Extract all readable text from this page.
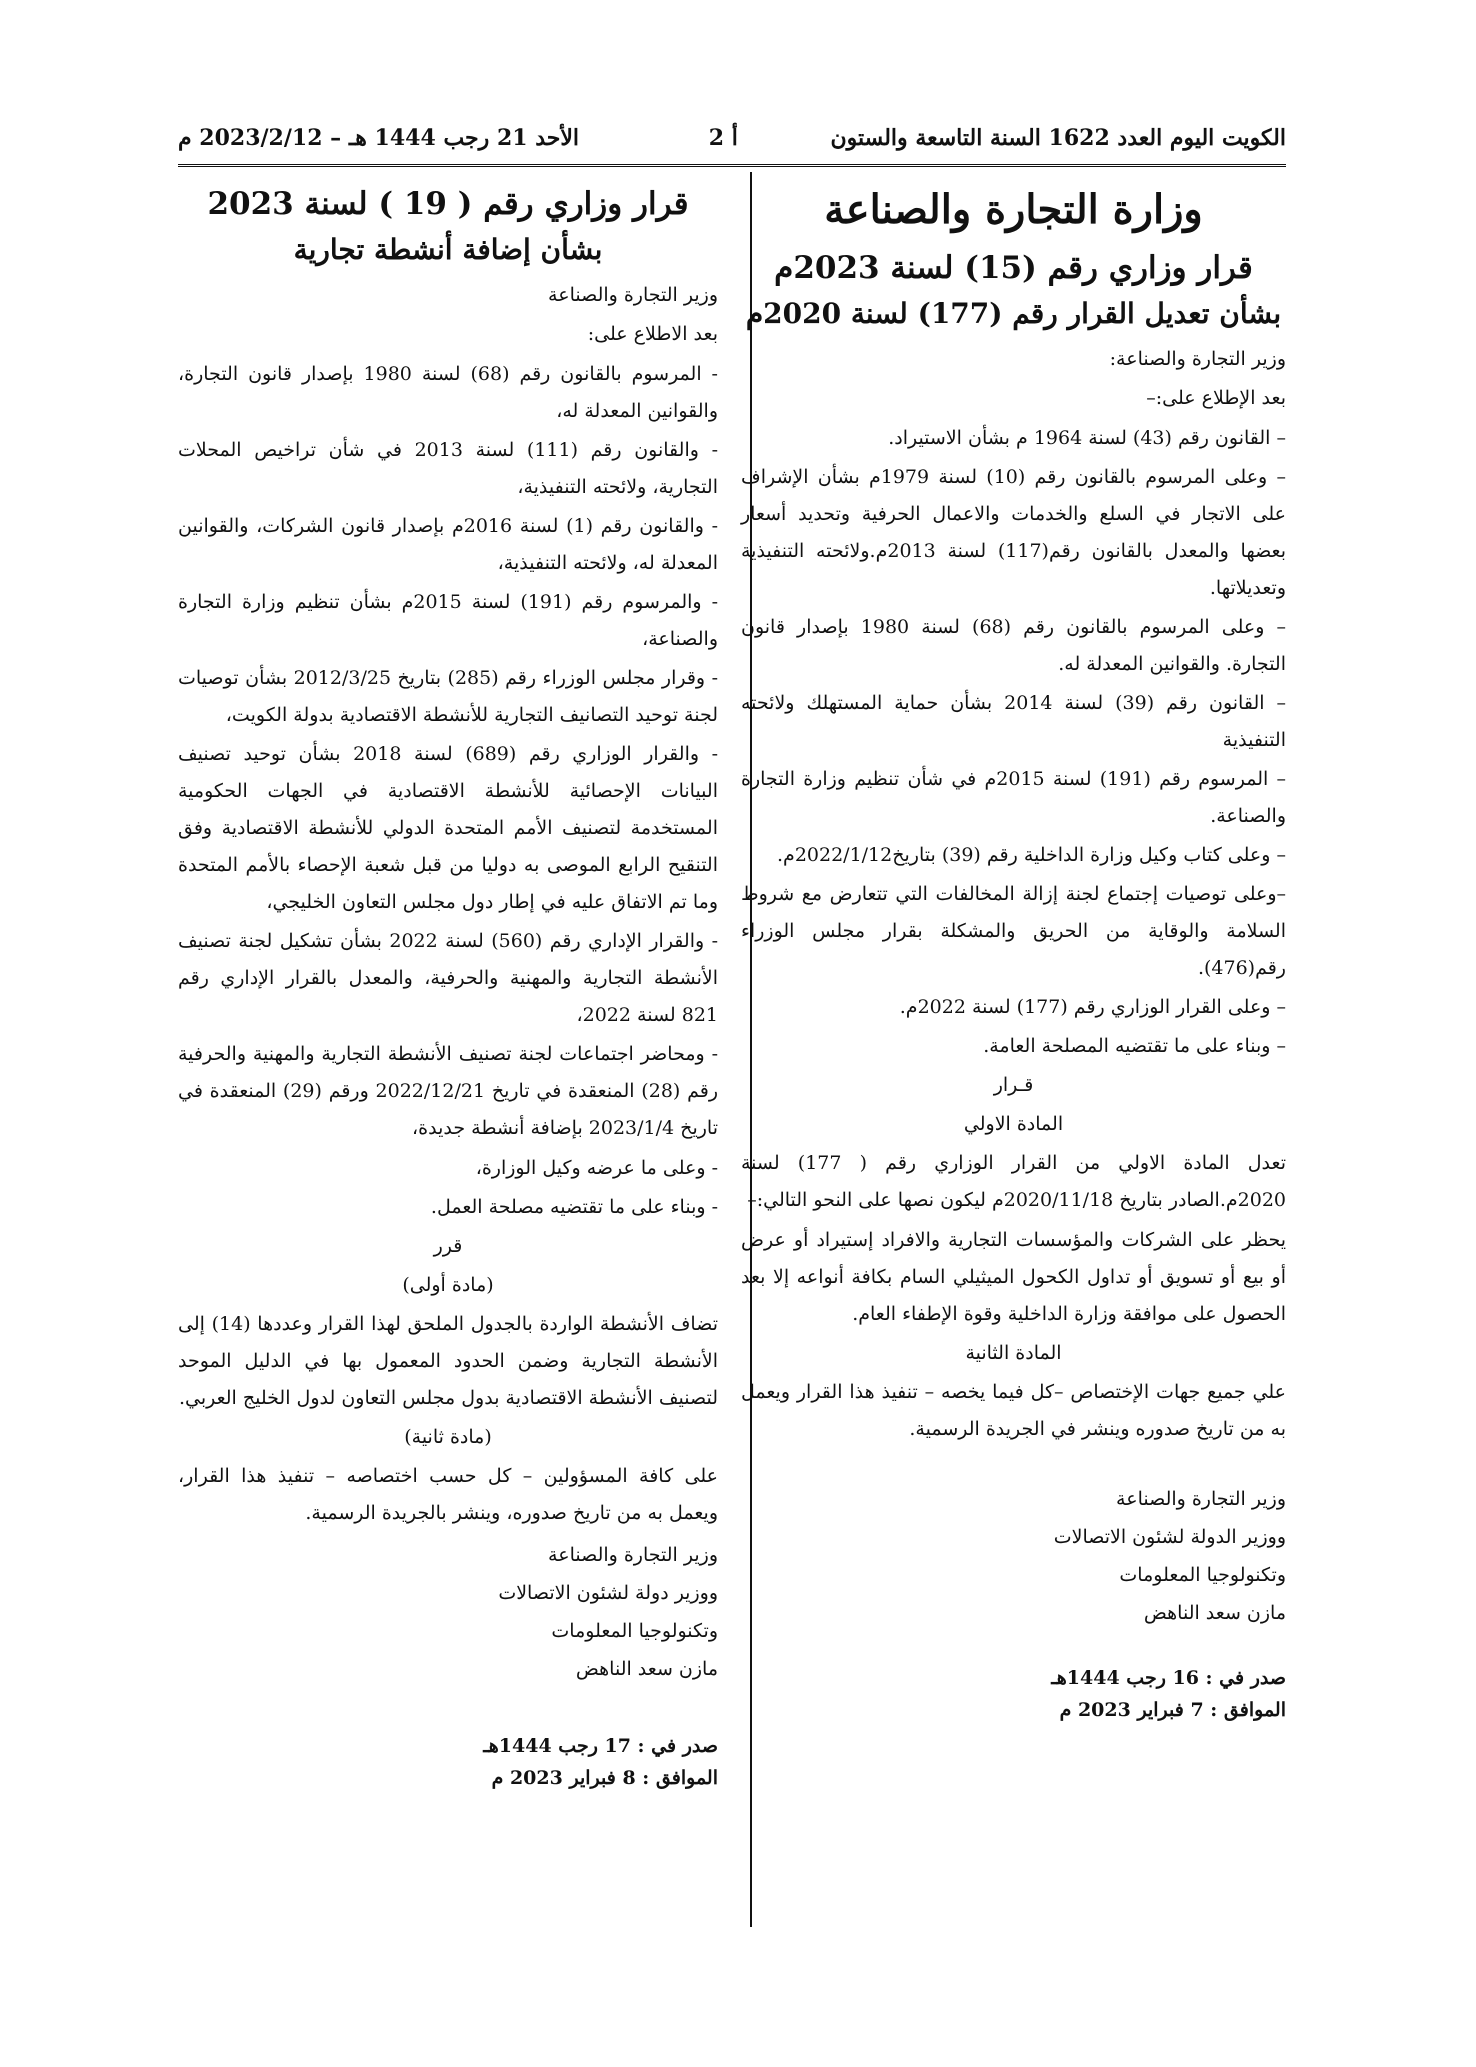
الأحد 21 رجب 1444 هـ – 2023/2/12 م	أ 2	الكويت اليوم العدد 1622 السنة التاسعة والستون
وزارة التجارة والصناعة
قرار وزاري رقم (15) لسنة 2023م
بشأن تعديل القرار رقم (177) لسنة 2020م

وزير التجارة والصناعة:

بعد الإطلاع على:–

– القانون رقم (43) لسنة 1964 م بشأن الاستيراد.

– وعلى المرسوم بالقانون رقم (10) لسنة 1979م بشأن الإشراف على الاتجار في السلع والخدمات والاعمال الحرفية وتحديد أسعار بعضها والمعدل بالقانون رقم(117) لسنة 2013م.ولائحته التنفيذية وتعديلاتها.

– وعلى المرسوم بالقانون رقم (68) لسنة 1980 بإصدار قانون التجارة. والقوانين المعدلة له.

– القانون رقم (39) لسنة 2014 بشأن حماية المستهلك ولائحته التنفيذية

– المرسوم رقم (191) لسنة 2015م في شأن تنظيم وزارة التجارة والصناعة.

– وعلى كتاب وكيل وزارة الداخلية رقم (39) بتاريخ2022/1/12م.

–وعلى توصيات إجتماع لجنة إزالة المخالفات التي تتعارض مع شروط السلامة والوقاية من الحريق والمشكلة بقرار مجلس الوزراء رقم(476).

– وعلى القرار الوزاري رقم (177) لسنة 2022م.

– وبناء على ما تقتضيه المصلحة العامة.

قـرار

المادة الاولي

تعدل المادة الاولي من القرار الوزاري رقم ( 177) لسنة 2020م.الصادر بتاريخ 2020/11/18م ليكون نصها على النحو التالي:–

يحظر على الشركات والمؤسسات التجارية والافراد إستيراد أو عرض أو بيع أو تسويق أو تداول الكحول الميثيلي السام بكافة أنواعه إلا بعد الحصول على موافقة وزارة الداخلية وقوة الإطفاء العام.

المادة الثانية

علي جميع جهات الإختصاص –كل فيما يخصه – تنفيذ هذا القرار ويعمل به من تاريخ صدوره وينشر في الجريدة الرسمية.

وزير التجارة والصناعة
ووزير الدولة لشئون الاتصالات
وتكنولوجيا المعلومات
مازن سعد الناهض
صدر في : 16 رجب 1444هـ
الموافق : 7 فبراير 2023 م
قرار وزاري رقم ( 19 ) لسنة 2023
بشأن إضافة أنشطة تجارية

وزير التجارة والصناعة

بعد الاطلاع على:

- المرسوم بالقانون رقم (68) لسنة 1980 بإصدار قانون التجارة، والقوانين المعدلة له،

- والقانون رقم (111) لسنة 2013 في شأن تراخيص المحلات التجارية، ولائحته التنفيذية،

- والقانون رقم (1) لسنة 2016م بإصدار قانون الشركات، والقوانين المعدلة له، ولائحته التنفيذية،

- والمرسوم رقم (191) لسنة 2015م بشأن تنظيم وزارة التجارة والصناعة،

- وقرار مجلس الوزراء رقم (285) بتاريخ 2012/3/25 بشأن توصيات لجنة توحيد التصانيف التجارية للأنشطة الاقتصادية بدولة الكويت،

- والقرار الوزاري رقم (689) لسنة 2018 بشأن توحيد تصنيف البيانات الإحصائية للأنشطة الاقتصادية في الجهات الحكومية المستخدمة لتصنيف الأمم المتحدة الدولي للأنشطة الاقتصادية وفق التنقيح الرابع الموصى به دوليا من قبل شعبة الإحصاء بالأمم المتحدة وما تم الاتفاق عليه في إطار دول مجلس التعاون الخليجي،

- والقرار الإداري رقم (560) لسنة 2022 بشأن تشكيل لجنة تصنيف الأنشطة التجارية والمهنية والحرفية، والمعدل بالقرار الإداري رقم 821 لسنة 2022،

- ومحاضر اجتماعات لجنة تصنيف الأنشطة التجارية والمهنية والحرفية رقم (28) المنعقدة في تاريخ 2022/12/21 ورقم (29) المنعقدة في تاريخ 2023/1/4 بإضافة أنشطة جديدة،

- وعلى ما عرضه وكيل الوزارة،

- وبناء على ما تقتضيه مصلحة العمل.

قرر

(مادة أولى)

تضاف الأنشطة الواردة بالجدول الملحق لهذا القرار وعددها (14) إلى الأنشطة التجارية وضمن الحدود المعمول بها في الدليل الموحد لتصنيف الأنشطة الاقتصادية بدول مجلس التعاون لدول الخليج العربي.

(مادة ثانية)

على كافة المسؤولين – كل حسب اختصاصه – تنفيذ هذا القرار، ويعمل به من تاريخ صدوره، وينشر بالجريدة الرسمية.

وزير التجارة والصناعة
ووزير دولة لشئون الاتصالات
وتكنولوجيا المعلومات
مازن سعد الناهض
صدر في : 17 رجب 1444هـ
الموافق : 8 فبراير 2023 م
